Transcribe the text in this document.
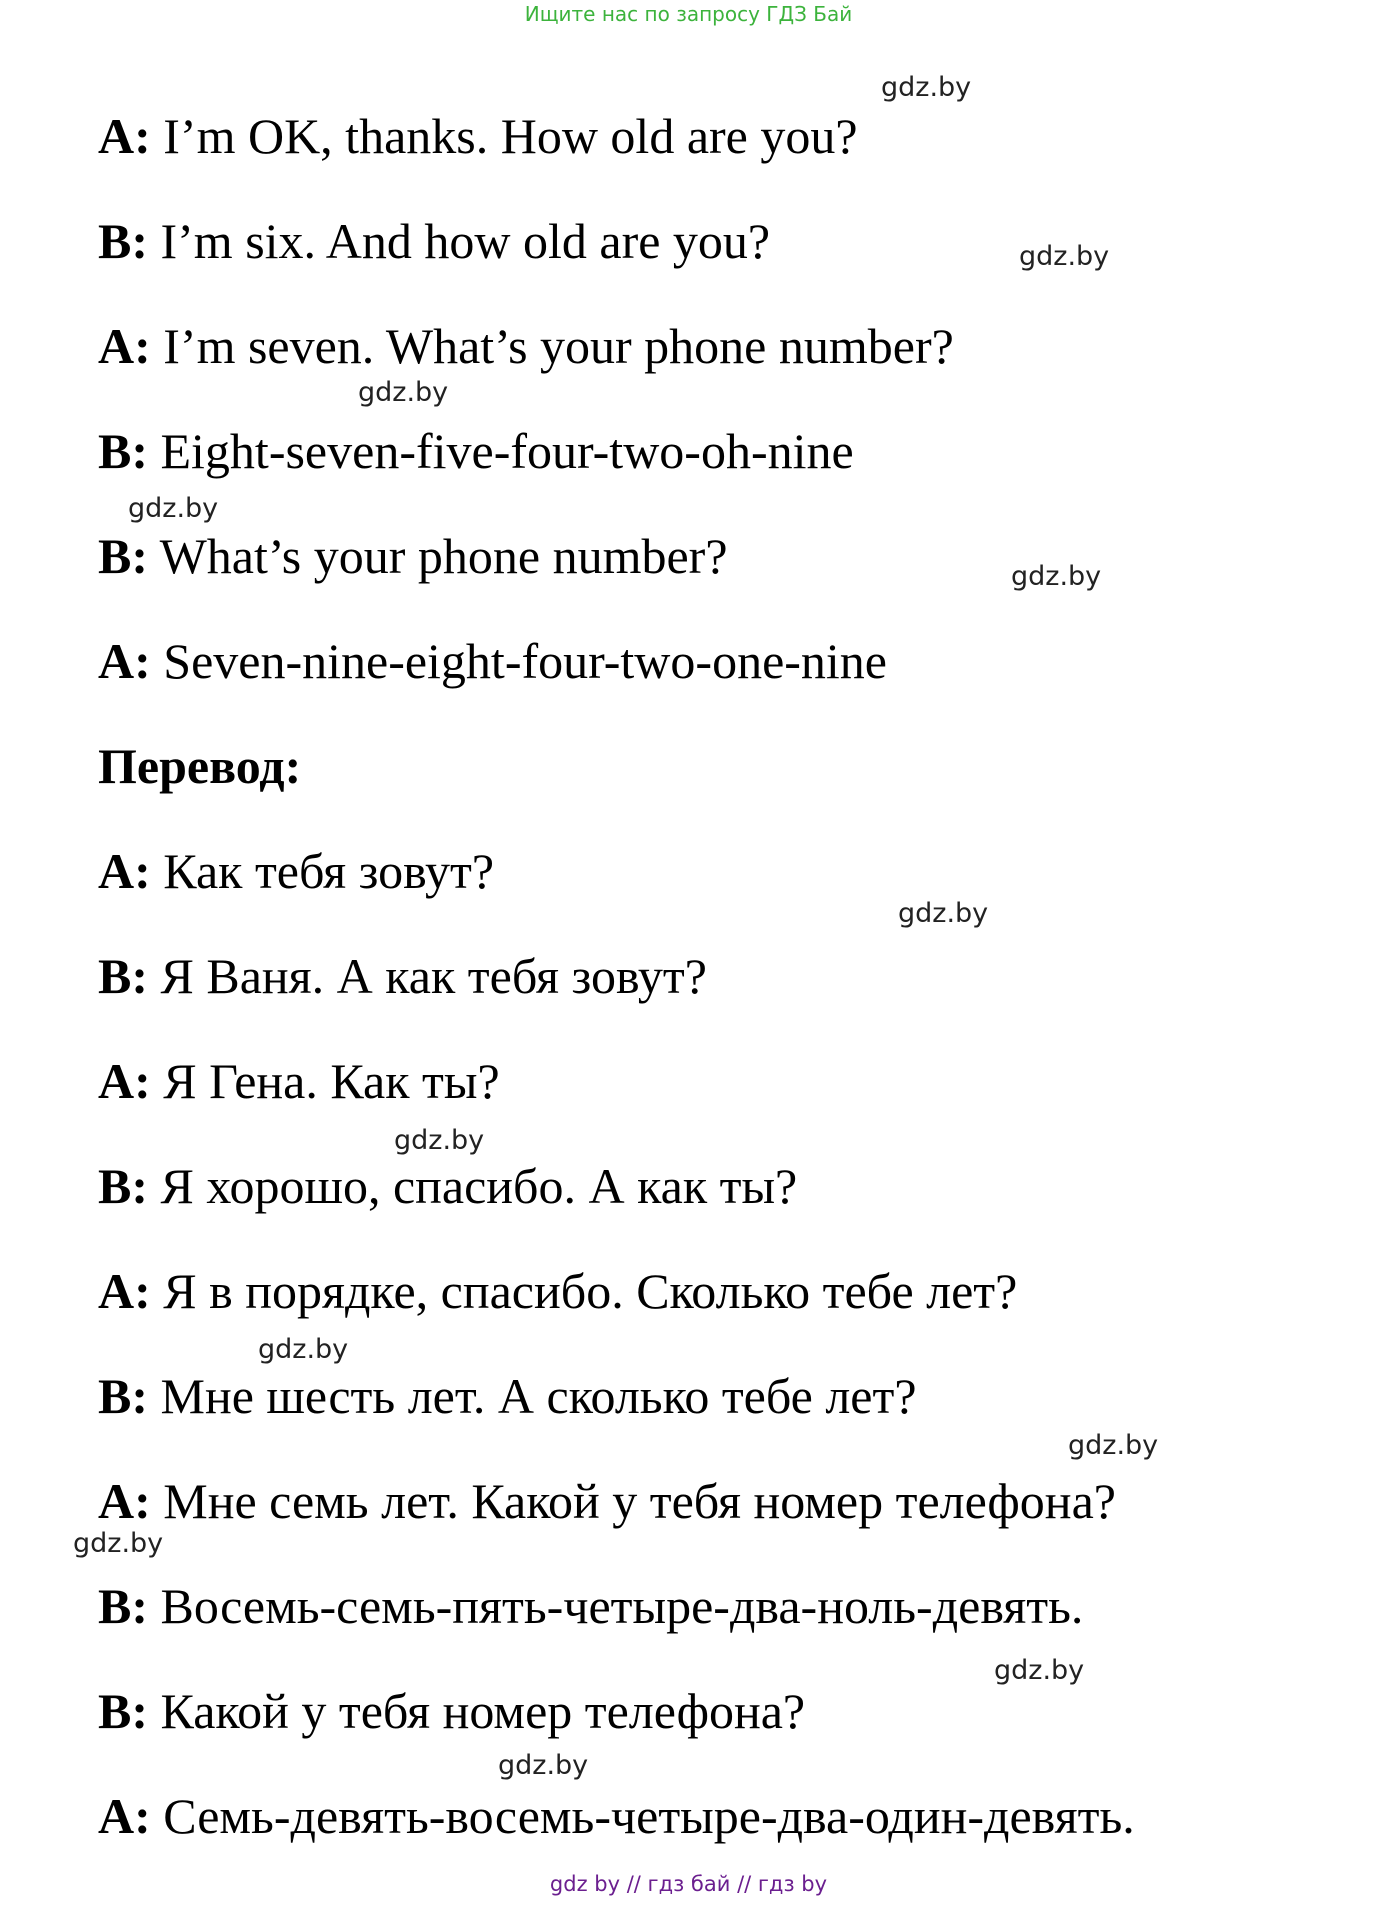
Ищите нас по запросу ГДЗ Бай
A: I’m OK, thanks. How old are you?
B: I’m six. And how old are you?
A: I’m seven. What’s your phone number?
B: Eight-seven-five-four-two-oh-nine
B: What’s your phone number?
A: Seven-nine-eight-four-two-one-nine
Перевод:
A: Как тебя зовут?
B: Я Ваня. А как тебя зовут?
A: Я Гена. Как ты?
B: Я хорошо, спасибо. А как ты?
A: Я в порядке, спасибо. Сколько тебе лет?
B: Мне шесть лет. А сколько тебе лет?
A: Мне семь лет. Какой у тебя номер телефона?
B: Восемь-семь-пять-четыре-два-ноль-девять.
B: Какой у тебя номер телефона?
A: Семь-девять-восемь-четыре-два-один-девять.
gdz.by
gdz.by
gdz.by
gdz.by
gdz.by
gdz.by
gdz.by
gdz.by
gdz.by
gdz.by
gdz.by
gdz.by
gdz by // гдз бай // гдз by
